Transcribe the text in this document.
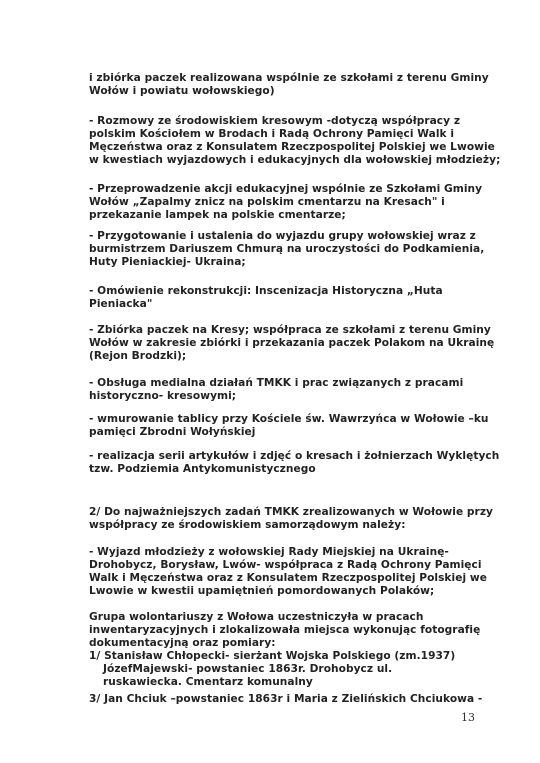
i zbiórka paczek realizowana wspólnie ze szkołami z terenu Gminy
Wołów i powiatu wołowskiego)
- Rozmowy ze środowiskiem kresowym -dotyczą współpracy z
polskim Kościołem w Brodach i Radą Ochrony Pamięci Walk i
Męczeństwa oraz z Konsulatem Rzeczpospolitej Polskiej we Lwowie
w kwestiach wyjazdowych i edukacyjnych dla wołowskiej młodzieży;
- Przeprowadzenie akcji edukacyjnej wspólnie ze Szkołami Gminy
Wołów „Zapalmy znicz na polskim cmentarzu na Kresach" i
przekazanie lampek na polskie cmentarze;
- Przygotowanie i ustalenia do wyjazdu grupy wołowskiej wraz z
burmistrzem Dariuszem Chmurą na uroczystości do Podkamienia,
Huty Pieniackiej- Ukraina;
- Omówienie rekonstrukcji: Inscenizacja Historyczna „Huta
Pieniacka"
- Zbiórka paczek na Kresy; współpraca ze szkołami z terenu Gminy
Wołów w zakresie zbiórki i przekazania paczek Polakom na Ukrainę
(Rejon Brodzki);
- Obsługa medialna działań TMKK i prac związanych z pracami
historyczno- kresowymi;
- wmurowanie tablicy przy Kościele św. Wawrzyńca w Wołowie –ku
pamięci Zbrodni Wołyńskiej
- realizacja serii artykułów i zdjęć o kresach i żołnierzach Wyklętych
tzw. Podziemia Antykomunistycznego
2/ Do najważniejszych zadań TMKK zrealizowanych w Wołowie przy
współpracy ze środowiskiem samorządowym należy:
- Wyjazd młodzieży z wołowskiej Rady Miejskiej na Ukrainę-
Drohobycz, Borysław, Lwów- współpraca z Radą Ochrony Pamięci
Walk i Męczeństwa oraz z Konsulatem Rzeczpospolitej Polskiej we
Lwowie w kwestii upamiętnień pomordowanych Polaków;
Grupa wolontariuszy z Wołowa uczestniczyła w pracach
inwentaryzacyjnych i zlokalizowała miejsca wykonując fotografię
dokumentacyjną oraz pomiary:
1/ Stanisław Chłopecki- sierżant Wojska Polskiego (zm.1937)
JózefMajewski- powstaniec 1863r. Drohobycz ul.
ruskawiecka. Cmentarz komunalny
3/ Jan Chciuk –powstaniec 1863r i Maria z Zielińskich Chciukowa -
13
